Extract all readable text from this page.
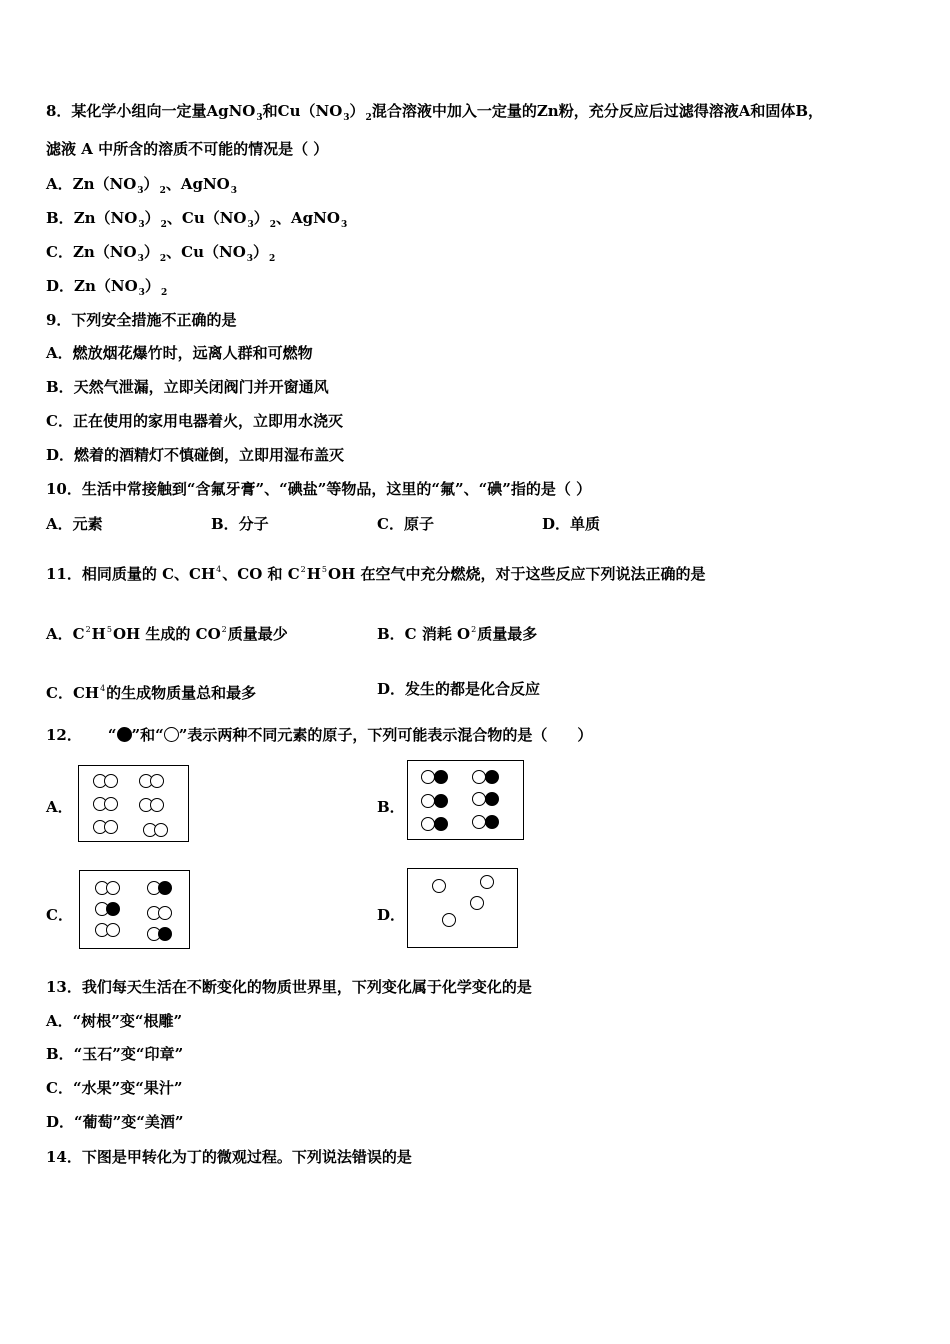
8．某化学小组向一定量AgNO$_3$和$Cu(NO_3)_2$混合溶液中加入一定量的Zn粉，充分反应后过滤得溶液A和固体B，
滤液 A 中所含的溶质不可能的情况是（ ）
A．$Zn(NO_3)_2$、AgNO$_3$
B．$Zn(NO_3)_2$、$Cu(NO_3)_2$、AgNO$_3$
C．$Zn(NO_3)_2$、$Cu(NO_3)_2$
D．$Zn(NO_3)_2$
9．下列安全措施不正确的是
A．燃放烟花爆竹时，远离人群和可燃物
B．天然气泄漏，立即关闭阀门并开窗通风
C．正在使用的家用电器着火，立即用水浇灭
D．燃着的酒精灯不慎碰倒，立即用湿布盖灭
10．生活中常接触到“含氟牙膏”、“碘盐”等物品，这里的“氟”、“碘”指的是（ ）
A．元素	B．分子	C．原子	D．单质
11．相同质量的 C、$CH^4$、CO 和 $C^2H^5OH$ 在空气中充分燃烧，对于这些反应下列说法正确的是
A．$C^2H^5OH$ 生成的 $CO^2$质量最少	B．C 消耗 $O^2$质量最多
C．$CH^4$的生成物质量总和最多	D．发生的都是化合反应
12． “ ”和“ ”表示两种不同元素的原子，下列可能表示混合物的是（　　）
A．	B．
C．	D．
13．我们每天生活在不断变化的物质世界里，下列变化属于化学变化的是
A．“树根”变“根雕”
B．“玉石”变“印章”
C．“水果”变“果汁”
D．“葡萄”变“美酒”
14．下图是甲转化为丁的微观过程。下列说法错误的是
